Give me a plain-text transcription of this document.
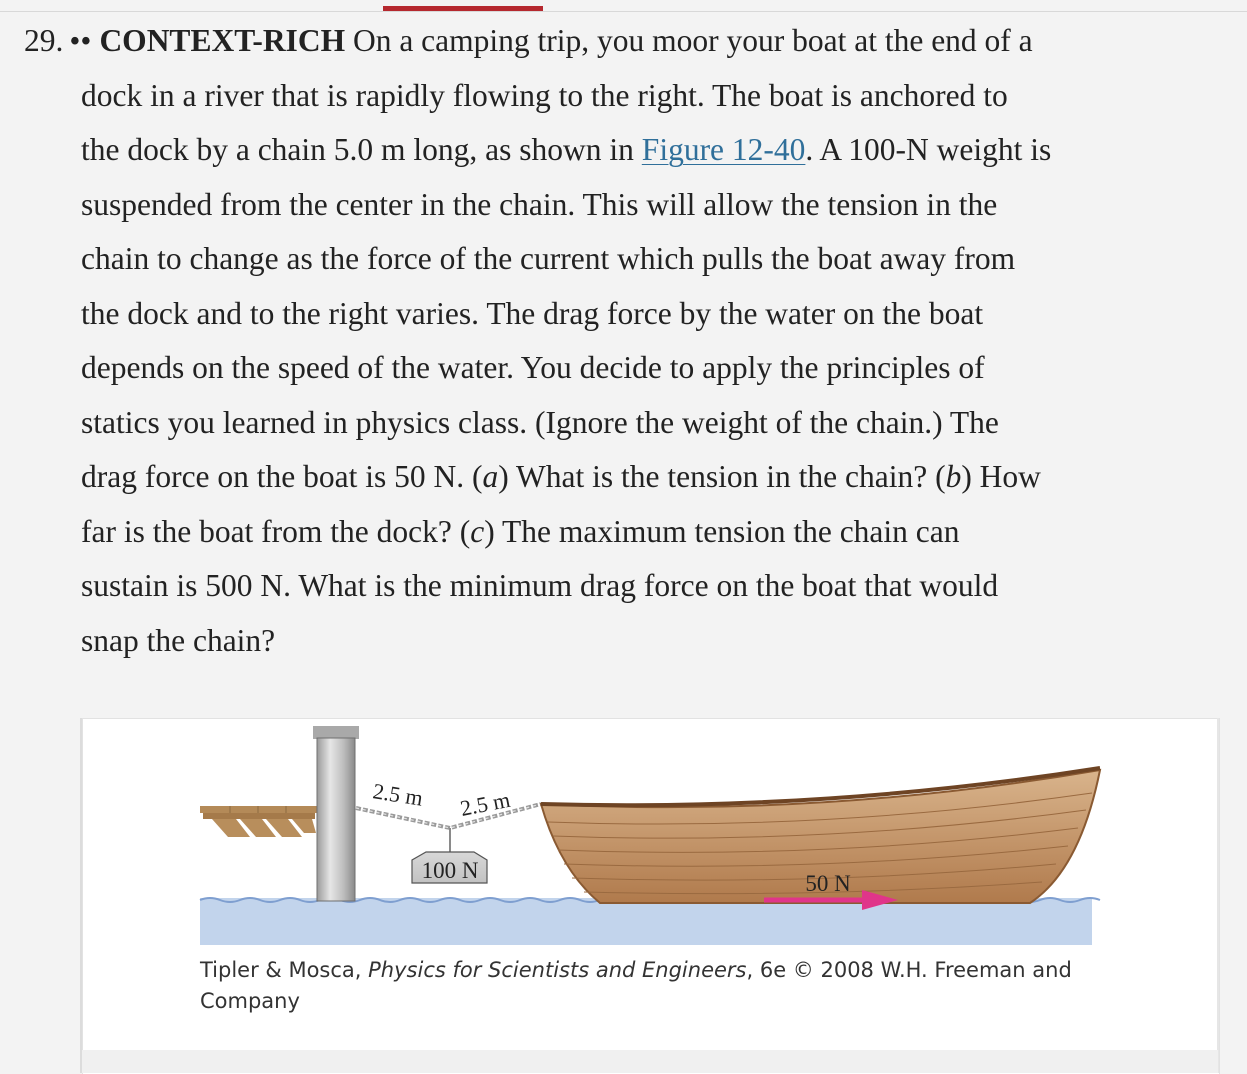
29. •• CONTEXT-RICH On a camping trip, you moor your boat at the end of a
dock in a river that is rapidly flowing to the right. The boat is anchored to
the dock by a chain 5.0 m long, as shown in Figure 12-40. A 100-N weight is
suspended from the center in the chain. This will allow the tension in the
chain to change as the force of the current which pulls the boat away from
the dock and to the right varies. The drag force by the water on the boat
depends on the speed of the water. You decide to apply the principles of
statics you learned in physics class. (Ignore the weight of the chain.) The
drag force on the boat is 50 N. (a) What is the tension in the chain? (b) How
far is the boat from the dock? (c) The maximum tension the chain can
sustain is 500 N. What is the minimum drag force on the boat that would
snap the chain?
100 N
2.5 m 2.5 m
50 N
Tipler & Mosca, Physics for Scientists and Engineers, 6e © 2008 W.H. Freeman and
Company
